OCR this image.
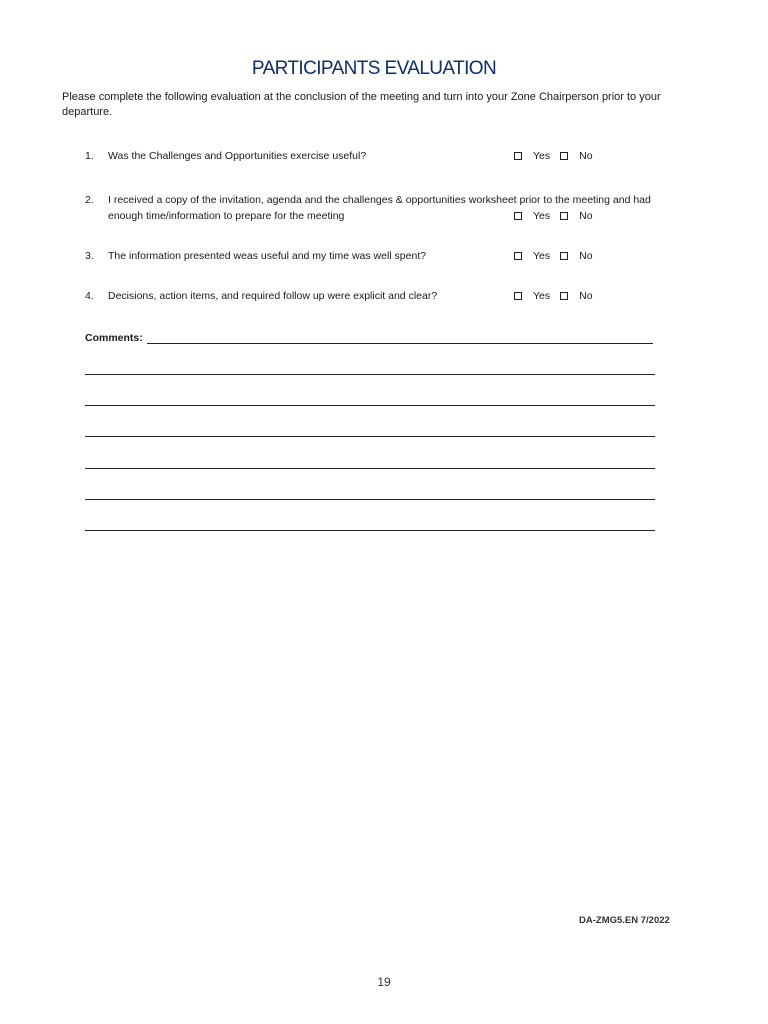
PARTICIPANTS EVALUATION

Please complete the following evaluation at the conclusion of the meeting and turn into your Zone Chairperson prior to your departure.

1. Was the Challenges and Opportunities exercise useful?	Yes	No
2. I received a copy of the invitation, agenda and the challenges & opportunities worksheet prior to the meeting and had enough time/information to prepare for the meeting	Yes	No
3. The information presented weas useful and my time was well spent?	Yes	No
4. Decisions, action items, and required follow up were explicit and clear?	Yes	No
Comments:
DA-ZMG5.EN 7/2022
19
